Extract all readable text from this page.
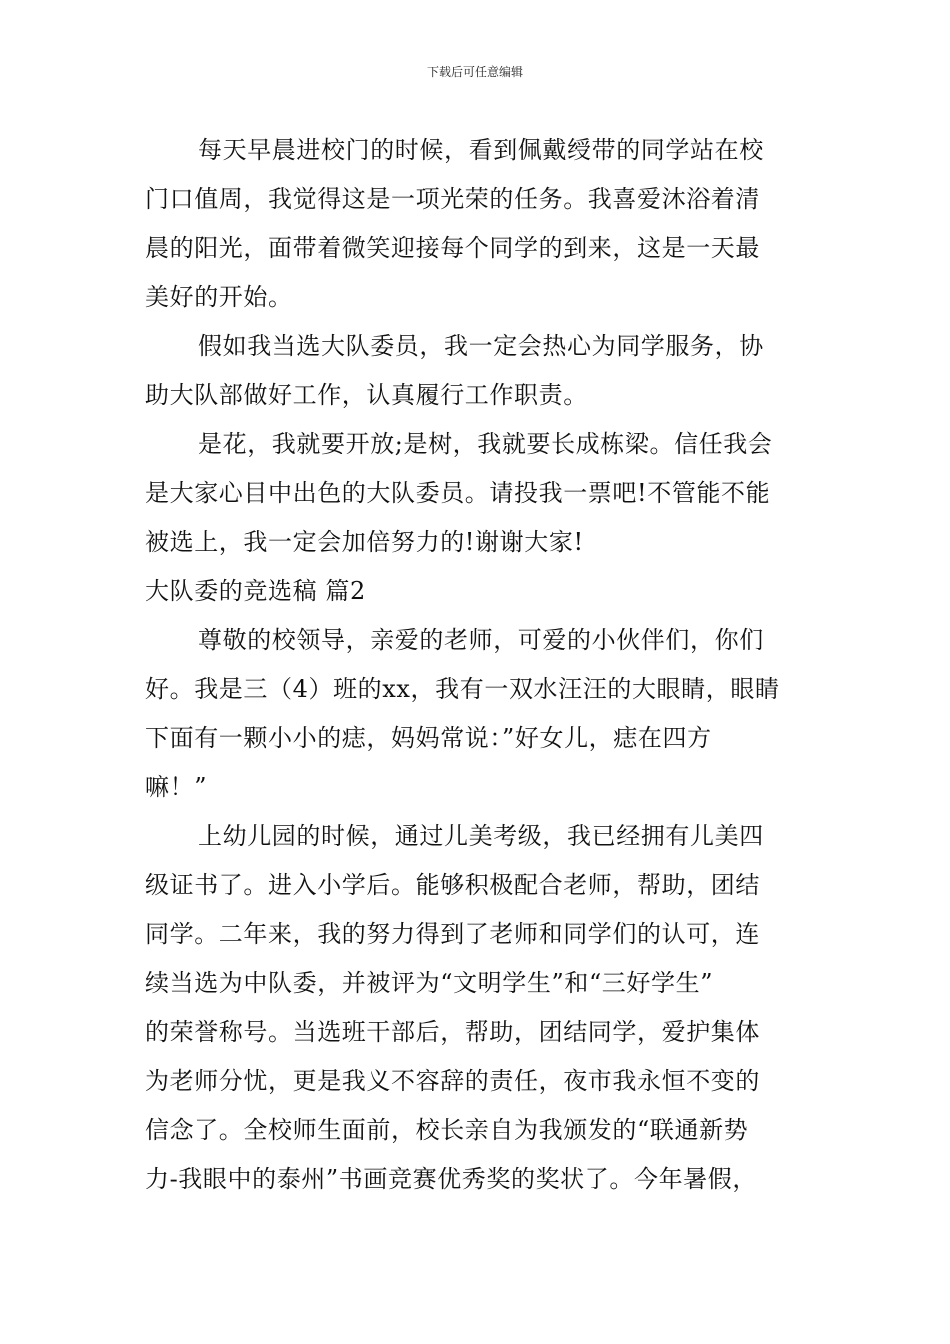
下载后可任意编辑
每天早晨进校门的时候，看到佩戴绶带的同学站在校
门口值周，我觉得这是一项光荣的任务。我喜爱沐浴着清
晨的阳光，面带着微笑迎接每个同学的到来，这是一天最
美好的开始。
假如我当选大队委员，我一定会热心为同学服务，协
助大队部做好工作，认真履行工作职责。
是花，我就要开放;是树，我就要长成栋梁。信任我会
是大家心目中出色的大队委员。请投我一票吧!不管能不能
被选上，我一定会加倍努力的!谢谢大家!
大队委的竞选稿 篇2
尊敬的校领导，亲爱的老师，可爱的小伙伴们，你们
好。我是三（4）班的xx，我有一双水汪汪的大眼睛，眼睛
下面有一颗小小的痣，妈妈常说：”好女儿，痣在四方
嘛！”
上幼儿园的时候，通过儿美考级，我已经拥有儿美四
级证书了。进入小学后。能够积极配合老师，帮助，团结
同学。二年来，我的努力得到了老师和同学们的认可，连
续当选为中队委，并被评为“文明学生”和“三好学生”
的荣誉称号。当选班干部后，帮助，团结同学，爱护集体
为老师分忧，更是我义不容辞的责任，夜市我永恒不变的
信念了。全校师生面前，校长亲自为我颁发的“联通新势
力-我眼中的泰州”书画竞赛优秀奖的奖状了。今年暑假，
